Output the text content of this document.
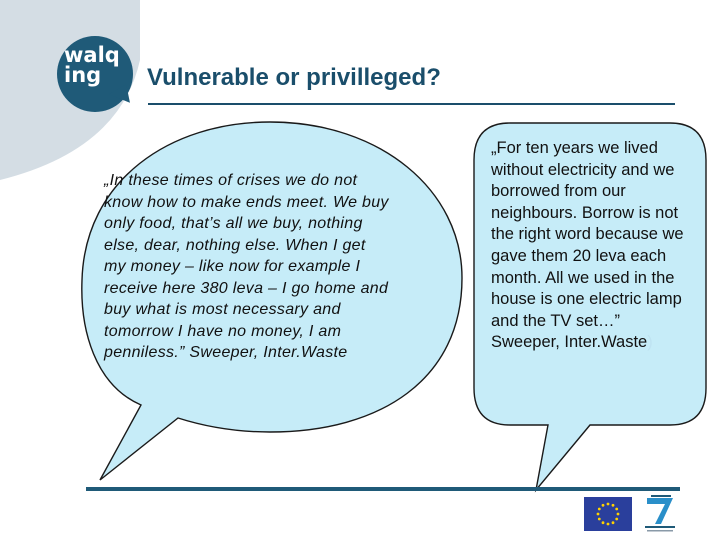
walq
ing	Vulnerable or privilleged?
„In these times of crises we do not know how to make ends meet. We buy only food, that’s all we buy, nothing else, dear, nothing else. When I get my money – like now for example I receive here 380 leva – I go home and buy what is most necessary and tomorrow I have no money, I am penniless.” Sweeper, Inter.Waste
„For ten years we lived without electricity and we borrowed from our neighbours. Borrow is not the right word because we gave them 20 leva each month. All we used in the house is one electric lamp and the TV set…” Sweeper, Inter.Waste)
